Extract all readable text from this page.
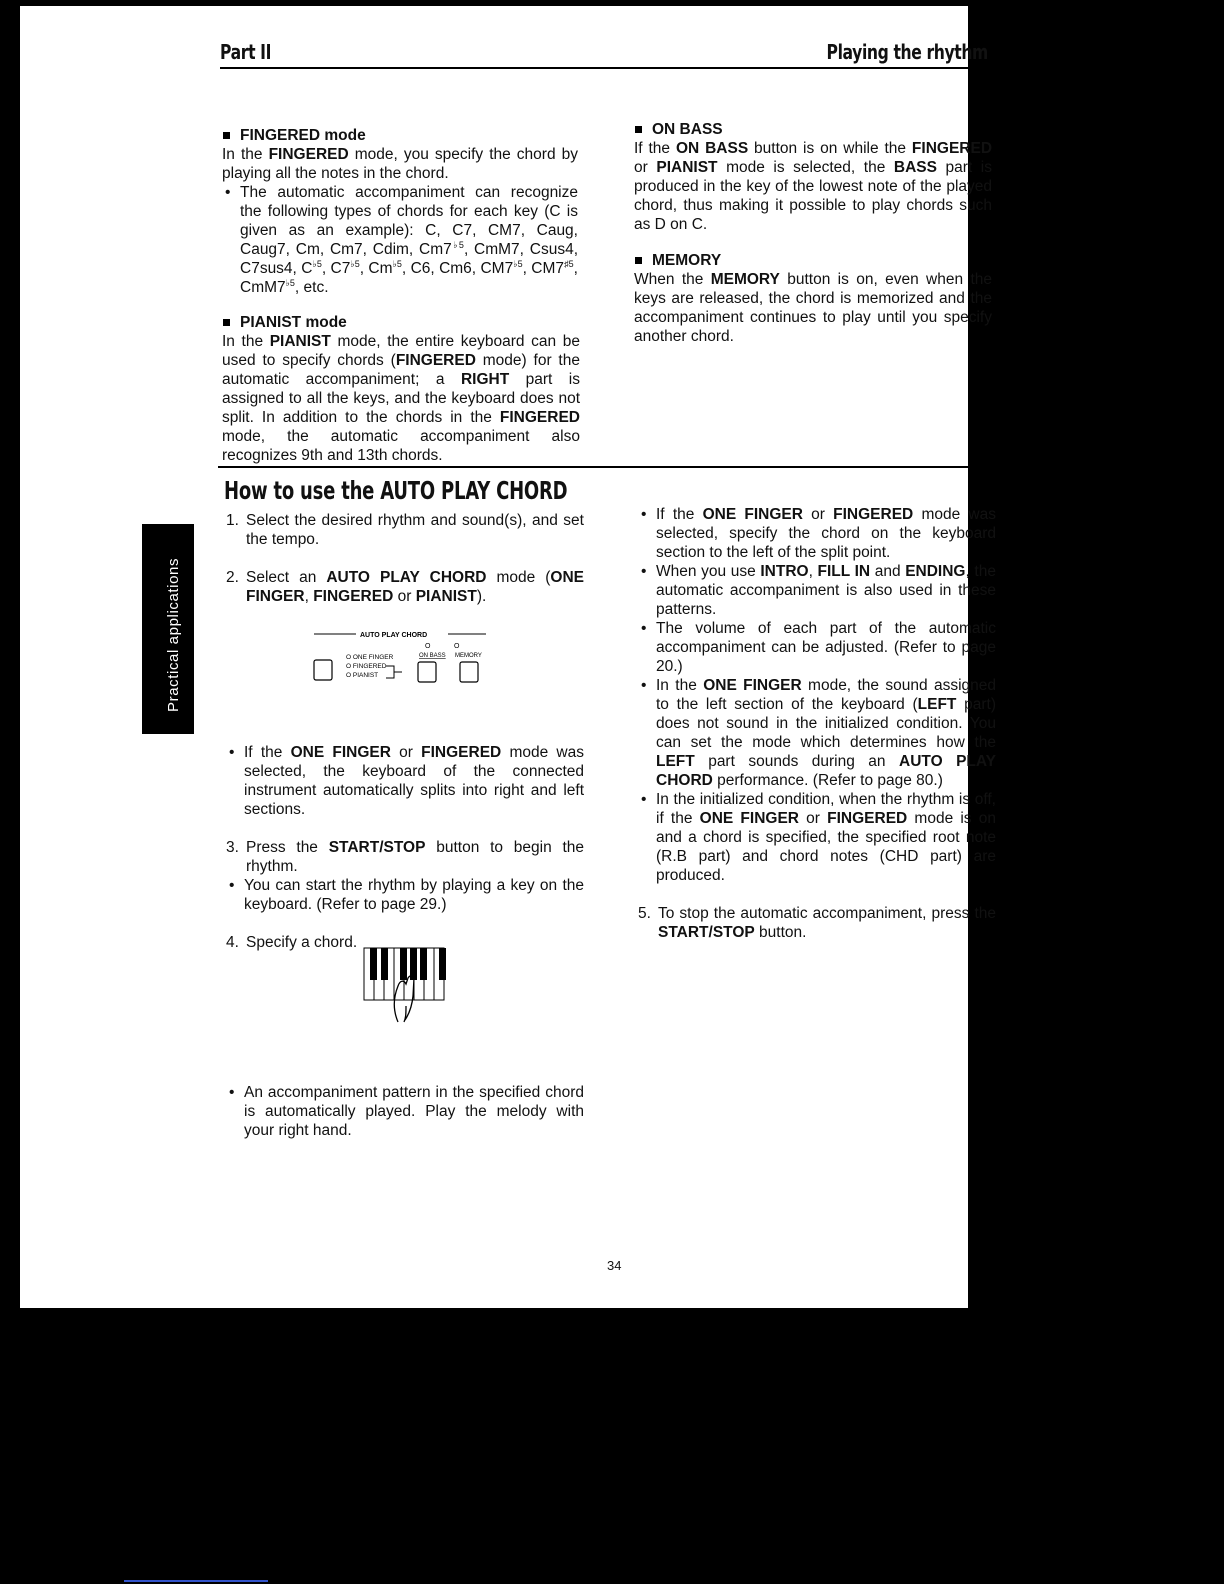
Part II	Playing the rhythm

FINGERED mode

In the FINGERED mode, you specify the chord by playing all the notes in the chord.

• The automatic accompaniment can recognize the following types of chords for each key (C is given as an example): C, C7, CM7, Caug, Caug7, Cm, Cm7, Cdim, $Cm7^{♭5}$, CmM7, Csus4, C7sus4, $C^{♭5}$, $C7^{♭5}$, $Cm^{♭5}$, C6, Cm6, $CM7^{♭5}$, $CM7^{♯5}$, $CmM7^{♭5}$, etc.

PIANIST mode

In the PIANIST mode, the entire keyboard can be used to specify chords (FINGERED mode) for the automatic accompaniment; a RIGHT part is assigned to all the keys, and the keyboard does not split. In addition to the chords in the FINGERED mode, the automatic accompaniment also recognizes 9th and 13th chords.

ON BASS

If the ON BASS button is on while the FINGERED or PIANIST mode is selected, the BASS part is produced in the key of the lowest note of the played chord, thus making it possible to play chords such as D on C.

MEMORY

When the MEMORY button is on, even when the keys are released, the chord is memorized and the accompaniment continues to play until you specify another chord.

How to use the AUTO PLAY CHORD
Practical applications

1. Select the desired rhythm and sound(s), and set the tempo.

2. Select an AUTO PLAY CHORD mode (ONE FINGER, FINGERED or PIANIST).

• If the ONE FINGER or FINGERED mode was selected, the keyboard of the connected instrument automatically splits into right and left sections.

3. Press the START/STOP button to begin the rhythm.

• You can start the rhythm by playing a key on the keyboard. (Refer to page 29.)

4. Specify a chord.

• An accompaniment pattern in the specified chord is automatically played. Play the melody with your right hand.

AUTO PLAY CHORD
O ONE FINGER
O FINGERED
O PIANIST
O	O
ON BASS MEMORY

• If the ONE FINGER or FINGERED mode was selected, specify the chord on the keyboard section to the left of the split point.

• When you use INTRO, FILL IN and ENDING, the automatic accompaniment is also used in these patterns.

• The volume of each part of the automatic accompaniment can be adjusted. (Refer to page 20.)

• In the ONE FINGER mode, the sound assigned to the left section of the keyboard (LEFT part) does not sound in the initialized condition. You can set the mode which determines how the LEFT part sounds during an AUTO PLAY CHORD performance. (Refer to page 80.)

• In the initialized condition, when the rhythm is off, if the ONE FINGER or FINGERED mode is on and a chord is specified, the specified root note (R.B part) and chord notes (CHD part) are produced.

5. To stop the automatic accompaniment, press the START/STOP button.

34
